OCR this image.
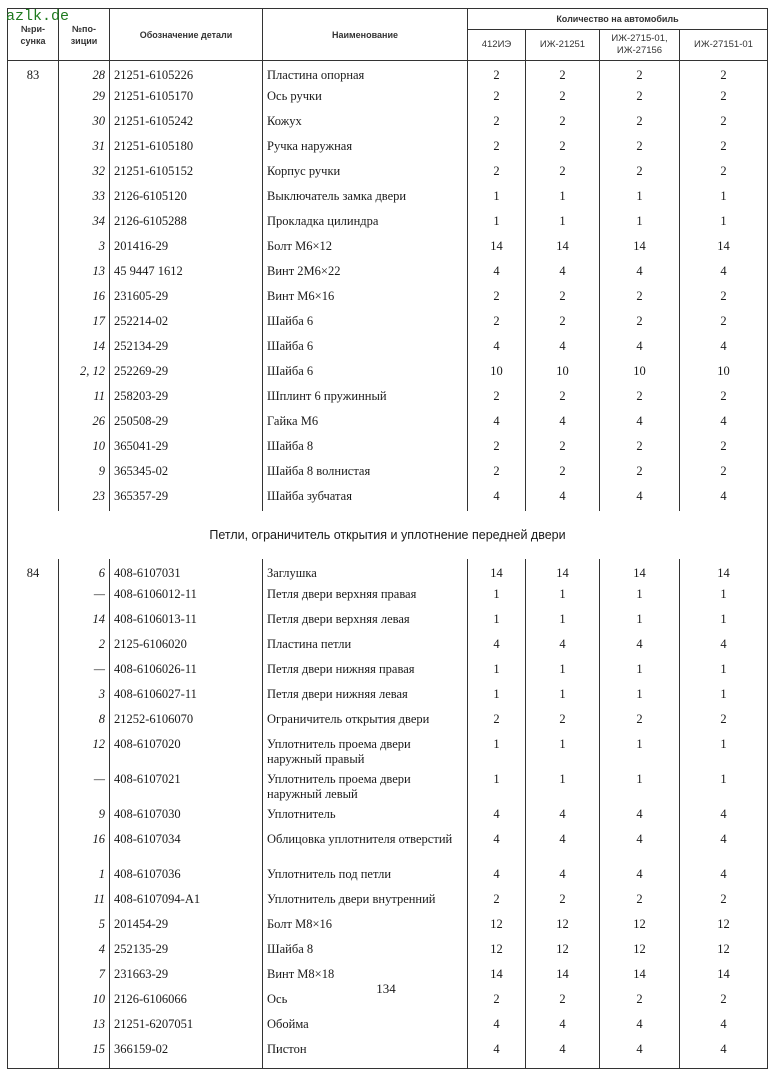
azlk.de
№ри-сунка	№по-зиции	Обозначение детали	Наименование	Количество на автомобиль			
				412ИЭ	ИЖ-21251	ИЖ-2715-01, ИЖ-27156	ИЖ-27151-01
83	28	21251-6105226	Пластина опорная	2	2	2	2
	29	21251-6105170	Ось ручки	2	2	2	2
	30	21251-6105242	Кожух	2	2	2	2
	31	21251-6105180	Ручка наружная	2	2	2	2
	32	21251-6105152	Корпус ручки	2	2	2	2
	33	2126-6105120	Выключатель замка двери	1	1	1	1
	34	2126-6105288	Прокладка цилиндра	1	1	1	1
	3	201416-29	Болт М6×12	14	14	14	14
	13	45 9447 1612	Винт 2М6×22	4	4	4	4
	16	231605-29	Винт М6×16	2	2	2	2
	17	252214-02	Шайба 6	2	2	2	2
	14	252134-29	Шайба 6	4	4	4	4
	2, 12	252269-29	Шайба 6	10	10	10	10
	11	258203-29	Шплинт 6 пружинный	2	2	2	2
	26	250508-29	Гайка М6	4	4	4	4
	10	365041-29	Шайба 8	2	2	2	2
	9	365345-02	Шайба 8 волнистая	2	2	2	2
	23	365357-29	Шайба зубчатая	4	4	4	4
Петли, ограничитель открытия и уплотнение передней двери							
84	6	408-6107031	Заглушка	14	14	14	14
	—	408-6106012-11	Петля двери верхняя правая	1	1	1	1
	14	408-6106013-11	Петля двери верхняя левая	1	1	1	1
	2	2125-6106020	Пластина петли	4	4	4	4
	—	408-6106026-11	Петля двери нижняя правая	1	1	1	1
	3	408-6106027-11	Петля двери нижняя левая	1	1	1	1
	8	21252-6106070	Ограничитель открытия двери	2	2	2	2
	12	408-6107020	Уплотнитель проема двери наружный правый	1	1	1	1
	—	408-6107021	Уплотнитель проема двери наружный левый	1	1	1	1
	9	408-6107030	Уплотнитель	4	4	4	4
	16	408-6107034	Облицовка уплотнителя отверстий	4	4	4	4
	1	408-6107036	Уплотнитель под петли	4	4	4	4
	11	408-6107094-А1	Уплотнитель двери внутренний	2	2	2	2
	5	201454-29	Болт М8×16	12	12	12	12
	4	252135-29	Шайба 8	12	12	12	12
	7	231663-29	Винт М8×18	14	14	14	14
	10	2126-6106066	Ось	2	2	2	2
	13	21251-6207051	Обойма	4	4	4	4
	15	366159-02	Пистон	4	4	4	4
134
